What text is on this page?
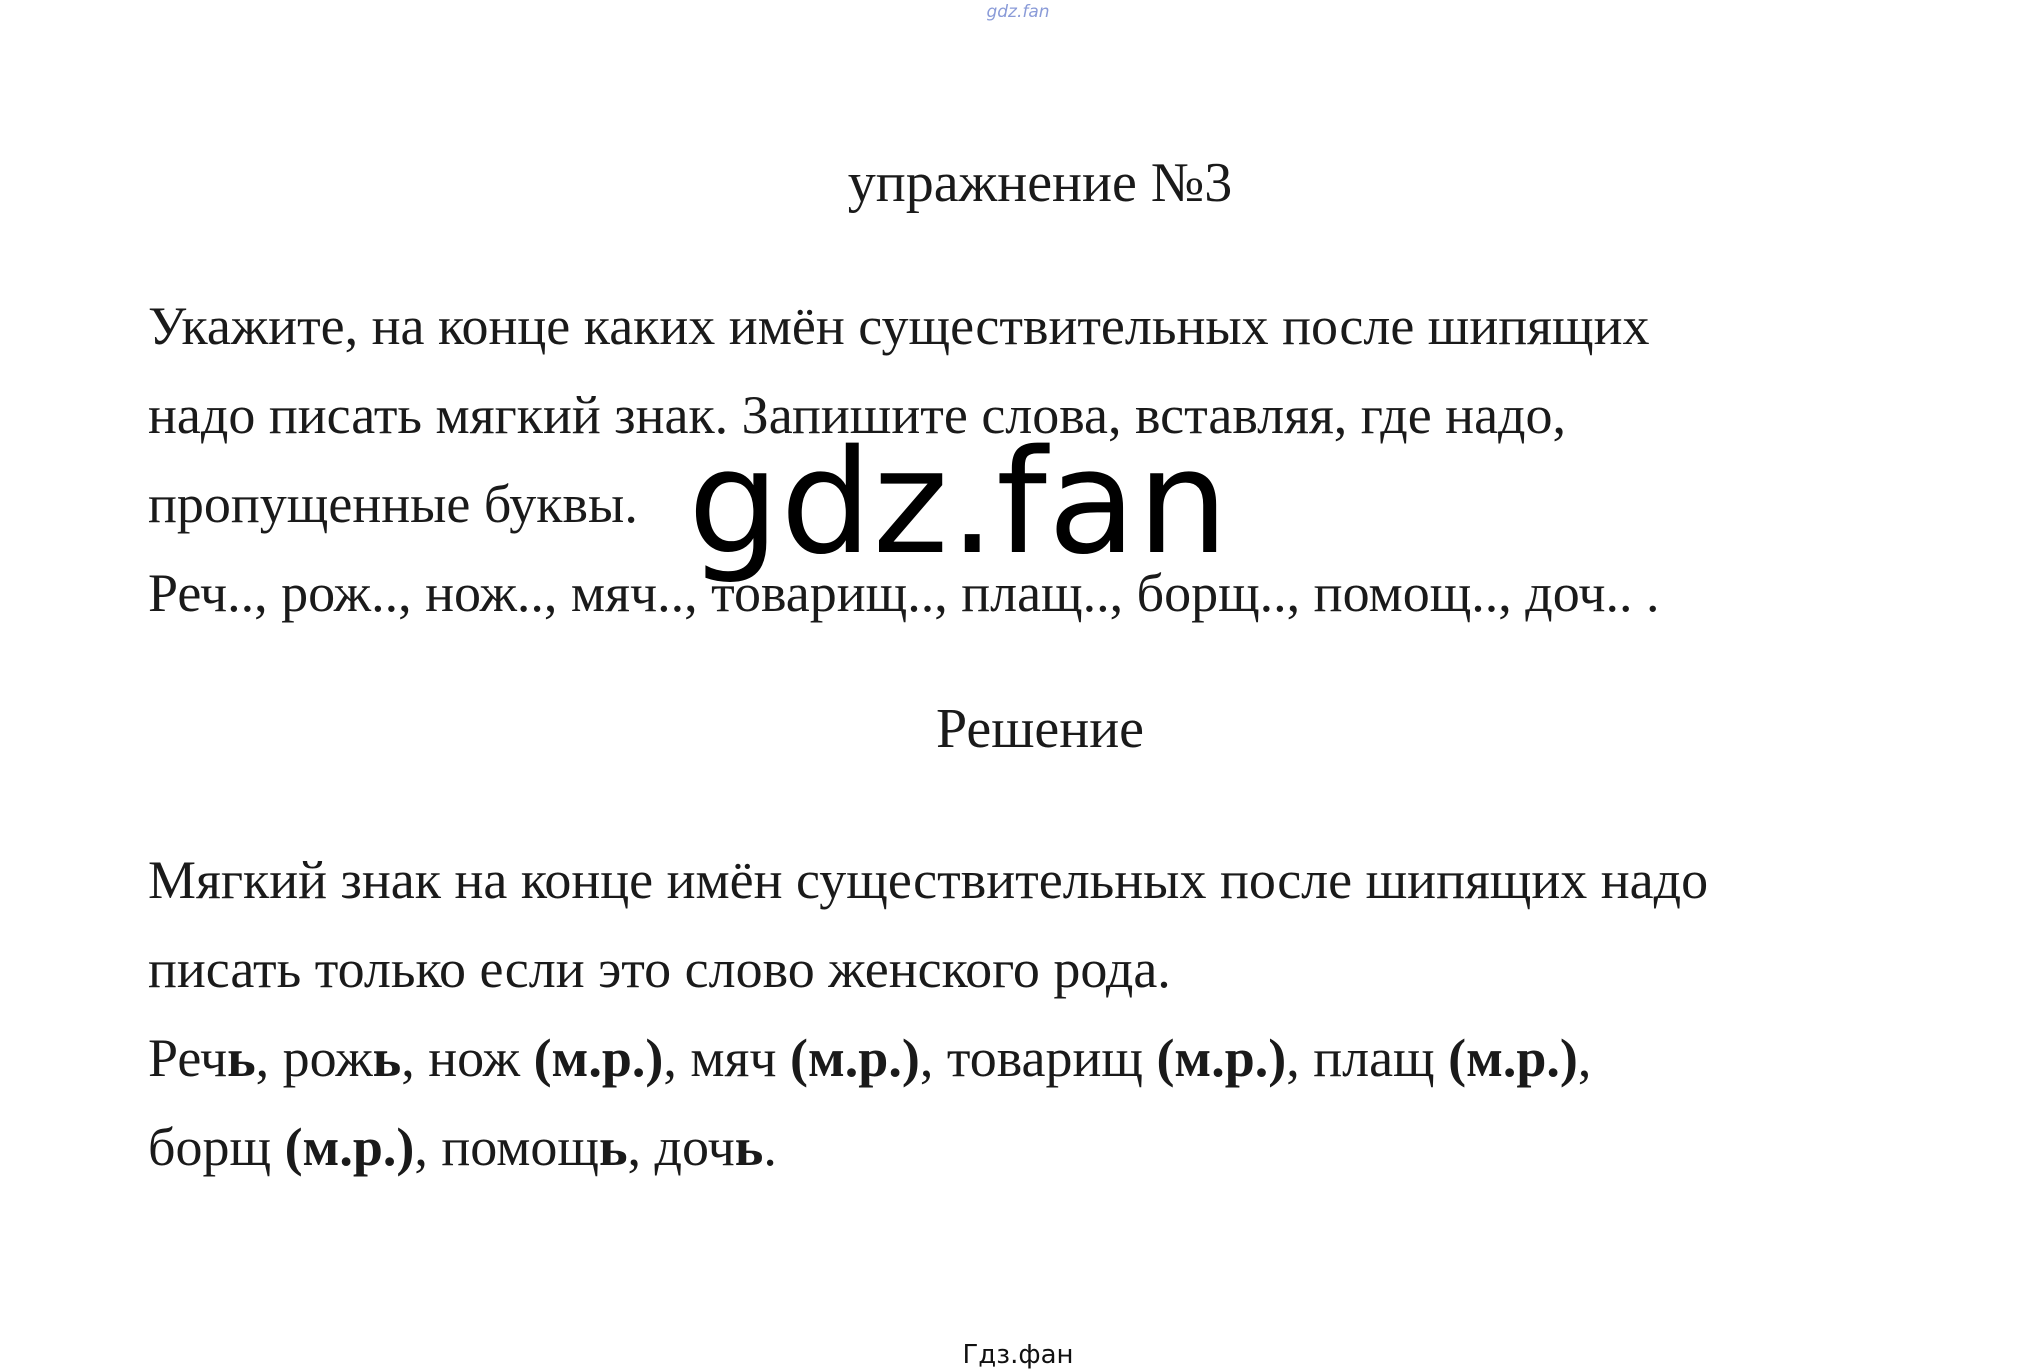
gdz.fan
упражнение №3

Укажите, на конце каких имён существительных после шипящих

надо писать мягкий знак. Запишите слова, вставляя, где надо,

пропущенные буквы.

Реч.., рож.., нож.., мяч.., товарищ.., плащ.., борщ.., помощ.., доч.. .

gdz.fan
Решение

Мягкий знак на конце имён существительных после шипящих надо

писать только если это слово женского рода.

Речь, рожь, нож (м.р.), мяч (м.р.), товарищ (м.р.), плащ (м.р.),
борщ (м.р.), помощь, дочь.

Гдз.фан
